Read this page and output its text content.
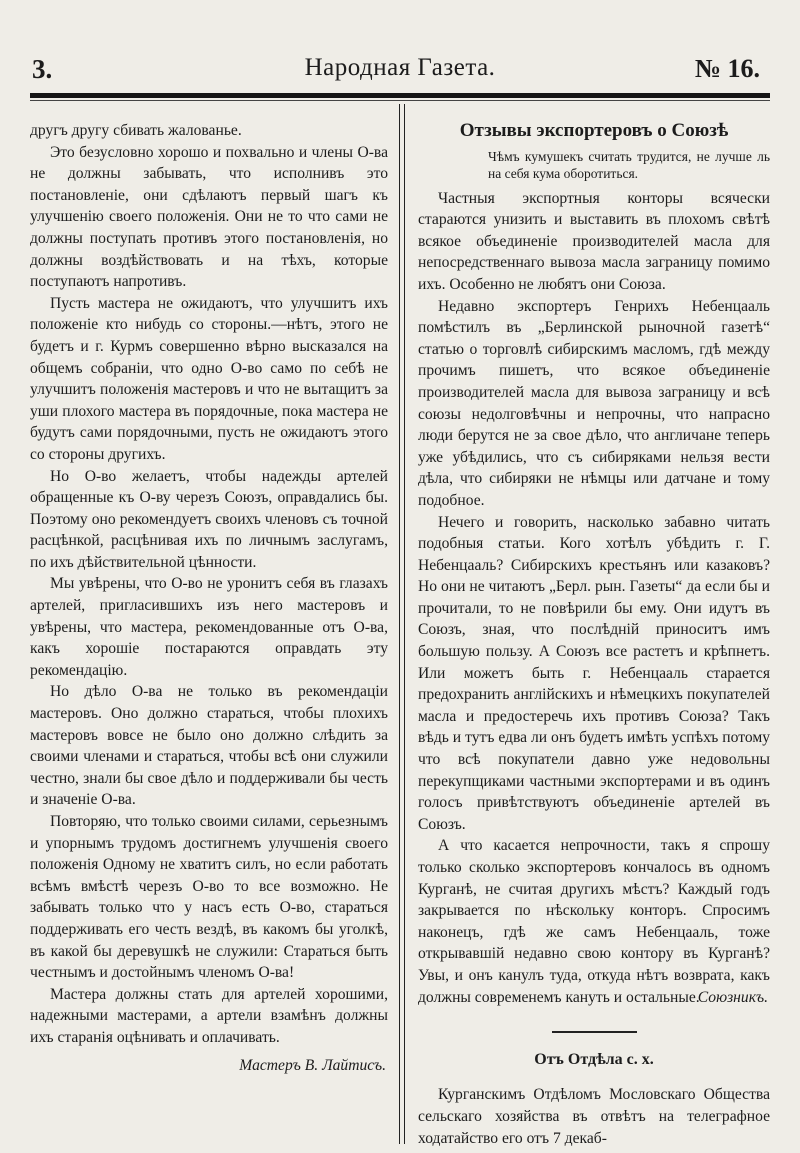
3.	Народная Газета.	№ 16.

другъ другу сбивать жалованье.

Это безусловно хорошо и похвально и члены О-ва не должны забывать, что исполнивъ это постановленіе, они сдѣлаютъ первый шагъ къ улучшенію своего положенія. Они не то что сами не должны поступать противъ этого постановленія, но должны воздѣйствовать и на тѣхъ, которые поступаютъ напротивъ.

Пусть мастера не ожидаютъ, что улучшитъ ихъ положеніе кто нибудь со стороны.—нѣтъ, этого не будетъ и г. Курмъ совершенно вѣрно высказался на общемъ собраніи, что одно О-во само по себѣ не улучшитъ положенія мастеровъ и что не вытащитъ за уши плохого мастера въ порядочные, пока мастера не будутъ сами порядочными, пусть не ожидаютъ этого со стороны другихъ.

Но О-во желаетъ, чтобы надежды артелей обращенные къ О-ву черезъ Союзъ, оправдались бы. Поэтому оно рекомендуетъ своихъ членовъ съ точной расцѣнкой, расцѣнивая ихъ по личнымъ заслугамъ, по ихъ дѣйствительной цѣнности.

Мы увѣрены, что О-во не уронитъ себя въ глазахъ артелей, пригласившихъ изъ него мастеровъ и увѣрены, что мастера, рекомендованные отъ О-ва, какъ хорошіе постараются оправдать эту рекомендацію.

Но дѣло О-ва не только въ рекомендаціи мастеровъ. Оно должно стараться, чтобы плохихъ мастеровъ вовсе не было оно должно слѣдить за своими членами и стараться, чтобы всѣ они служили честно, знали бы свое дѣло и поддерживали бы честь и значеніе О-ва.

Повторяю, что только своими силами, серьезнымъ и упорнымъ трудомъ достигнемъ улучшенія своего положенія Одному не хватитъ силъ, но если работать всѣмъ вмѣстѣ черезъ О-во то все возможно. Не забывать только что у насъ есть О-во, стараться поддерживать его честь вездѣ, въ какомъ бы уголкѣ, въ какой бы деревушкѣ не служили: Стараться быть честнымъ и достойнымъ членомъ О-ва!

Мастера должны стать для артелей хорошими, надежными мастерами, а артели взамѣнъ должны ихъ старанія оцѣнивать и оплачивать.

Мастеръ В. Лайтисъ.
Отзывы экспортеровъ о Союзѣ
Чѣмъ кумушекъ считать трудится, не лучше ль на себя кума оборотиться.

Частныя экспортныя конторы всячески стараются унизить и выставить въ плохомъ свѣтѣ всякое объединеніе производителей масла для непосредственнаго вывоза масла заграницу помимо ихъ. Особенно не любятъ они Союза.

Недавно экспортеръ Генрихъ Небенцааль помѣстилъ въ „Берлинской рыночной газетѣ“ статью о торговлѣ сибирскимъ масломъ, гдѣ между прочимъ пишетъ, что всякое объединеніе производителей масла для вывоза заграницу и всѣ союзы недолговѣчны и непрочны, что напрасно люди берутся не за свое дѣло, что англичане теперь уже убѣдились, что съ сибиряками нельзя вести дѣла, что сибиряки не нѣмцы или датчане и тому подобное.

Нечего и говорить, насколько забавно читать подобныя статьи. Кого хотѣлъ убѣдить г. Г. Небенцааль? Сибирскихъ крестьянъ или казаковъ? Но они не читаютъ „Берл. рын. Газеты“ да если бы и прочитали, то не повѣрили бы ему. Они идутъ въ Союзъ, зная, что послѣдній приноситъ имъ большую пользу. А Союзъ все растетъ и крѣпнетъ. Или можетъ быть г. Небенцааль старается предохранить англійскихъ и нѣмецкихъ покупателей масла и предостеречь ихъ противъ Союза? Такъ вѣдь и тутъ едва ли онъ будетъ имѣть успѣхъ потому что всѣ покупатели давно уже недовольны перекупщиками частными экспортерами и въ одинъ голосъ привѣтствуютъ объединеніе артелей въ Союзъ.

А что касается непрочности, такъ я спрошу только сколько экспортеровъ кончалось въ одномъ Курганѣ, не считая другихъ мѣстъ? Каждый годъ закрывается по нѣскольку конторъ. Спросимъ наконецъ, гдѣ же самъ Небенцааль, тоже открывавшій недавно свою контору въ Курганѣ? Увы, и онъ канулъ туда, откуда нѣтъ возврата, какъ должны современемъ кануть и остальные.

Союзникъ.
Отъ Отдѣла с. х.

Курганскимъ Отдѣломъ Мословскаго Общества сельскаго хозяйства въ отвѣтъ на телеграфное ходатайство его отъ 7 декаб-
